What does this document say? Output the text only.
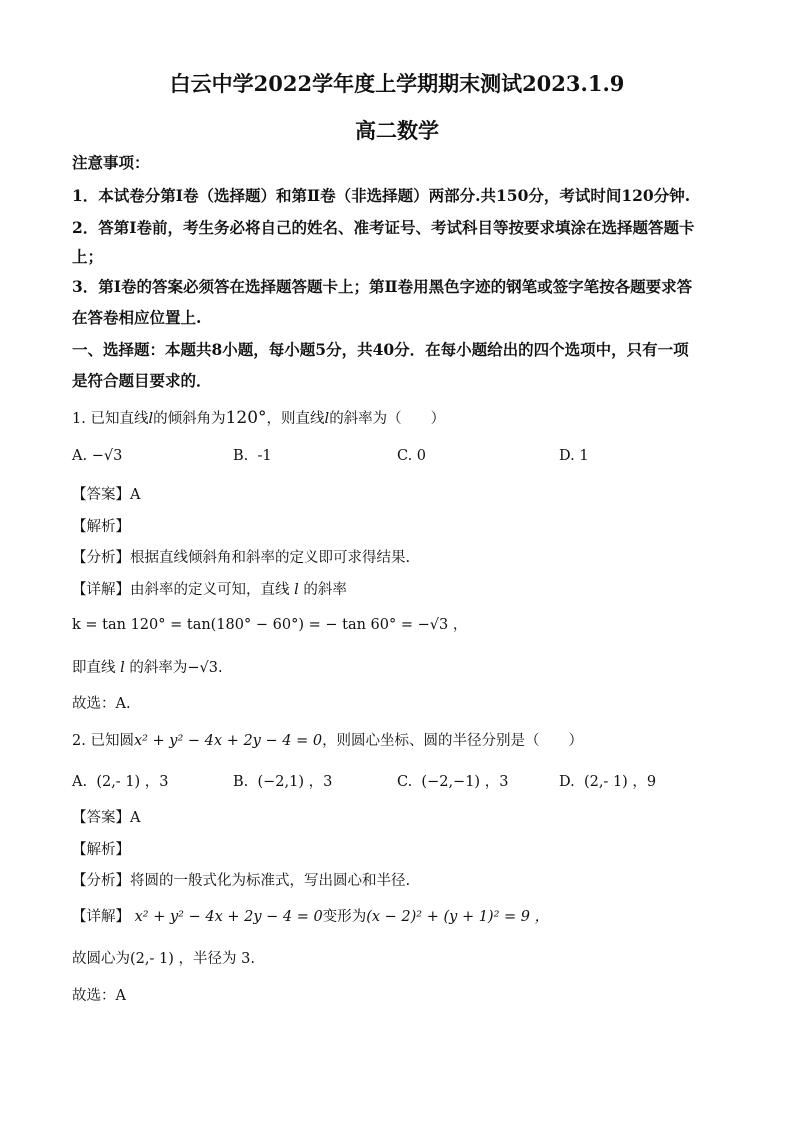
白云中学2022学年度上学期期末测试2023.1.9
高二数学
注意事项：
1．本试卷分第Ⅰ卷（选择题）和第Ⅱ卷（非选择题）两部分.共150分，考试时间120分钟.
2．答第Ⅰ卷前，考生务必将自己的姓名、准考证号、考试科目等按要求填涂在选择题答题卡
上；
3．第Ⅰ卷的答案必须答在选择题答题卡上；第Ⅱ卷用黑色字迹的钢笔或签字笔按各题要求答
在答卷相应位置上.
一、选择题：本题共8小题，每小题5分，共40分．在每小题给出的四个选项中，只有一项
是符合题目要求的．
1. 已知直线l的倾斜角为120°，则直线l的斜率为（　　）
A. −√3	B. -1	C. 0	D. 1
【答案】A
【解析】
【分析】根据直线倾斜角和斜率的定义即可求得结果.
【详解】由斜率的定义可知，直线 l 的斜率
k = tan 120° = tan(180° − 60°) = − tan 60° = −√3 ，
即直线 l 的斜率为−√3.
故选：A.
2. 已知圆x² + y² − 4x + 2y − 4 = 0，则圆心坐标、圆的半径分别是（　　）
A. (2,- 1) ，3	B. (−2,1) ，3	C. (−2,−1) ，3	D. (2,- 1) ，9
【答案】A
【解析】
【分析】将圆的一般式化为标准式，写出圆心和半径.
【详解】 x² + y² − 4x + 2y − 4 = 0变形为(x − 2)² + (y + 1)² = 9 ，
故圆心为(2,- 1) ，半径为 3.
故选：A
